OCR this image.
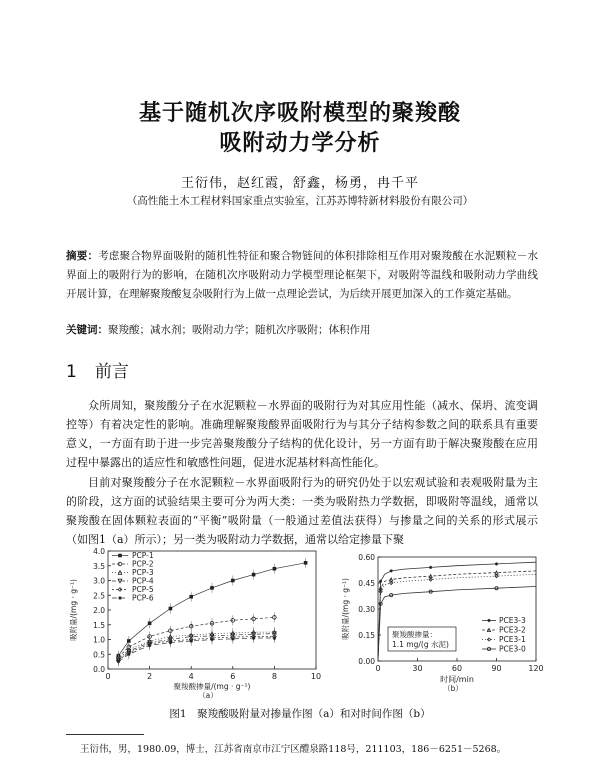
基于随机次序吸附模型的聚羧酸
吸附动力学分析
王衍伟，赵红霞，舒鑫，杨勇，冉千平
（高性能土木工程材料国家重点实验室，江苏苏博特新材料股份有限公司）

摘要：考虑聚合物界面吸附的随机性特征和聚合物链间的体积排除相互作用对聚羧酸在水泥颗粒－水界面上的吸附行为的影响，在随机次序吸附动力学模型理论框架下，对吸附等温线和吸附动力学曲线开展计算，在理解聚羧酸复杂吸附行为上做一点理论尝试，为后续开展更加深入的工作奠定基础。

关键词：聚羧酸；减水剂；吸附动力学；随机次序吸附；体积作用

1 前言

众所周知，聚羧酸分子在水泥颗粒－水界面的吸附行为对其应用性能（减水、保坍、流变调控等）有着决定性的影响。准确理解聚羧酸界面吸附行为与其分子结构参数之间的联系具有重要意义，一方面有助于进一步完善聚羧酸分子结构的优化设计，另一方面有助于解决聚羧酸在应用过程中暴露出的适应性和敏感性问题，促进水泥基材料高性能化。

目前对聚羧酸分子在水泥颗粒－水界面吸附行为的研究仍处于以宏观试验和表观吸附量为主的阶段，这方面的试验结果主要可分为两大类：一类为吸附热力学数据，即吸附等温线，通常以聚羧酸在固体颗粒表面的“平衡”吸附量（一般通过差值法获得）与掺量之间的关系的形式展示（如图1（a）所示）；另一类为吸附动力学数据，通常以给定掺量下聚

0	2	4	6	8	10
0.0
0.5
1.0
1.5
2.0
2.5
3.0
3.5
4.0
聚羧酸掺量/(mg · g⁻¹)
吸附量/(mg · g⁻¹)
（a）
PCP-1
PCP-2
PCP-3
PCP-4
PCP-5
PCP-6
0	30	60	90	120
0.00
0.15
0.30
0.45
0.60
时间/min
吸附量/(mg · g⁻¹)
（b）
PCE3-3
PCE3-2
PCE3-1
PCE3-0
聚羧酸掺量：
1.1 mg/(g 水泥)
图1　聚羧酸吸附量对掺量作图（a）和对时间作图（b）
王衍伟，男，1980.09，博士，江苏省南京市江宁区醴泉路118号，211103，186－6251－5268。
